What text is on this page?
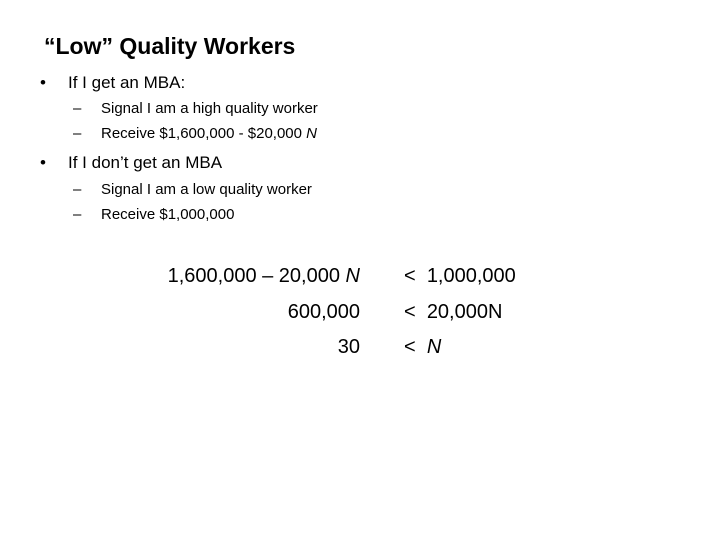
“Low” Quality Workers
• If I get an MBA:
– Signal I am a high quality worker
– Receive $1,600,000 - $20,000 N
• If I don’t get an MBA
– Signal I am a low quality worker
– Receive $1,000,000
1,600,000 – 20,000 N < 1,000,000
600,000 < 20,000N
30 < N
